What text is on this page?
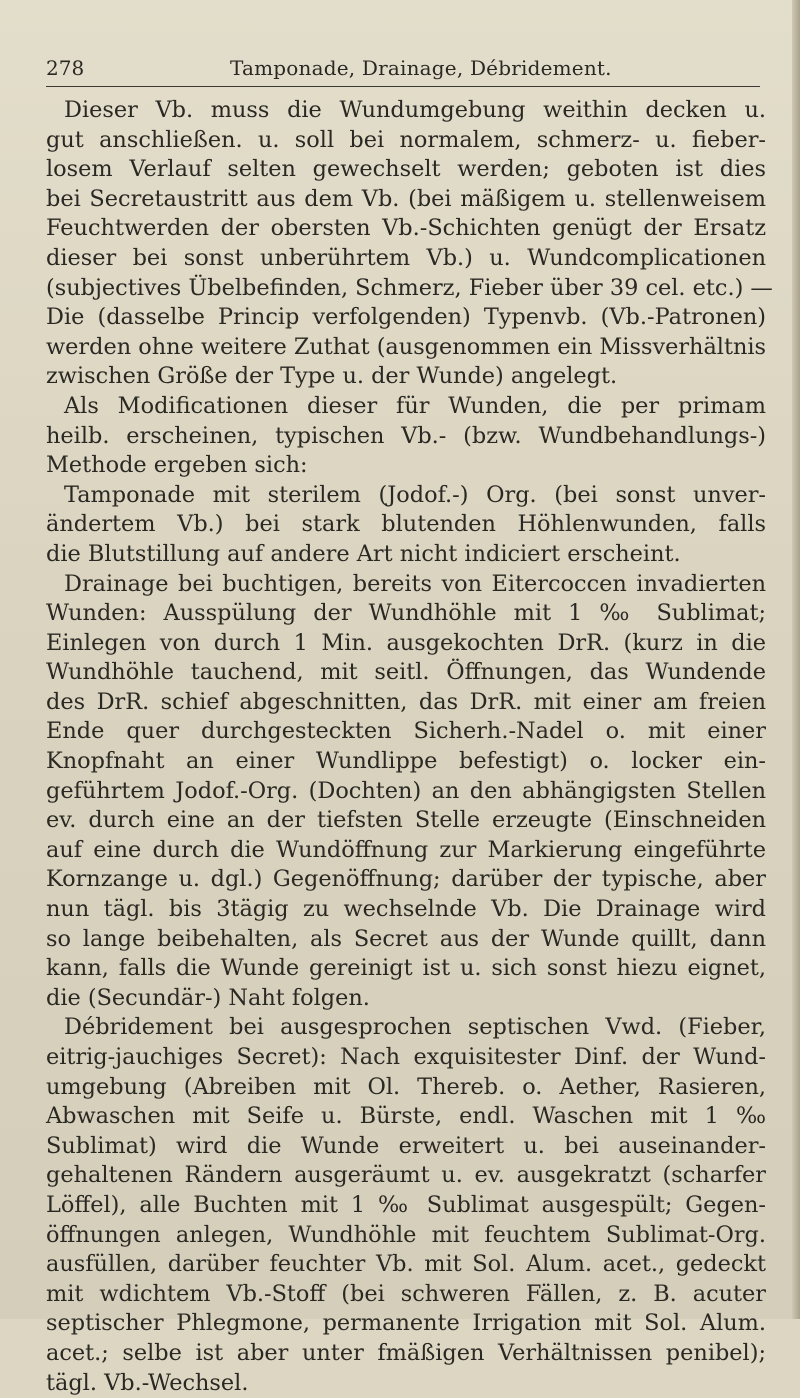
278	Tamponade, Drainage, Débridement.
Dieser Vb. muss die Wundumgebung weithin decken u.
gut anschließen. u. soll bei normalem, schmerz- u. fieber-
losem Verlauf selten gewechselt werden; geboten ist dies
bei Secretaustritt aus dem Vb. (bei mäßigem u. stellenweisem
Feuchtwerden der obersten Vb.-Schichten genügt der Ersatz
dieser bei sonst unberührtem Vb.) u. Wundcomplicationen
(subjectives Übelbefinden, Schmerz, Fieber über 39 cel. etc.) —
Die (dasselbe Princip verfolgenden) Typenvb. (Vb.-Patronen)
werden ohne weitere Zuthat (ausgenommen ein Missverhältnis
zwischen Größe der Type u. der Wunde) angelegt.
Als Modificationen dieser für Wunden, die per primam
heilb. erscheinen, typischen Vb.- (bzw. Wundbehandlungs-)
Methode ergeben sich:
Tamponade mit sterilem (Jodof.-) Org. (bei sonst unver-
ändertem Vb.) bei stark blutenden Höhlenwunden, falls
die Blutstillung auf andere Art nicht indiciert erscheint.
Drainage bei buchtigen, bereits von Eitercoccen invadierten
Wunden: Ausspülung der Wundhöhle mit 1 ‰ Sublimat;
Einlegen von durch 1 Min. ausgekochten DrR. (kurz in die
Wundhöhle tauchend, mit seitl. Öffnungen, das Wundende
des DrR. schief abgeschnitten, das DrR. mit einer am freien
Ende quer durchgesteckten Sicherh.-Nadel o. mit einer
Knopfnaht an einer Wundlippe befestigt) o. locker ein-
geführtem Jodof.-Org. (Dochten) an den abhängigsten Stellen
ev. durch eine an der tiefsten Stelle erzeugte (Einschneiden
auf eine durch die Wundöffnung zur Markierung eingeführte
Kornzange u. dgl.) Gegenöffnung; darüber der typische, aber
nun tägl. bis 3tägig zu wechselnde Vb. Die Drainage wird
so lange beibehalten, als Secret aus der Wunde quillt, dann
kann, falls die Wunde gereinigt ist u. sich sonst hiezu eignet,
die (Secundär-) Naht folgen.
Débridement bei ausgesprochen septischen Vwd. (Fieber,
eitrig-jauchiges Secret): Nach exquisitester Dinf. der Wund-
umgebung (Abreiben mit Ol. Thereb. o. Aether, Rasieren,
Abwaschen mit Seife u. Bürste, endl. Waschen mit 1 ‰
Sublimat) wird die Wunde erweitert u. bei auseinander-
gehaltenen Rändern ausgeräumt u. ev. ausgekratzt (scharfer
Löffel), alle Buchten mit 1 ‰ Sublimat ausgespült; Gegen-
öffnungen anlegen, Wundhöhle mit feuchtem Sublimat-Org.
ausfüllen, darüber feuchter Vb. mit Sol. Alum. acet., gedeckt
mit wdichtem Vb.-Stoff (bei schweren Fällen, z. B. acuter
septischer Phlegmone, permanente Irrigation mit Sol. Alum.
acet.; selbe ist aber unter fmäßigen Verhältnissen penibel);
tägl. Vb.-Wechsel.
